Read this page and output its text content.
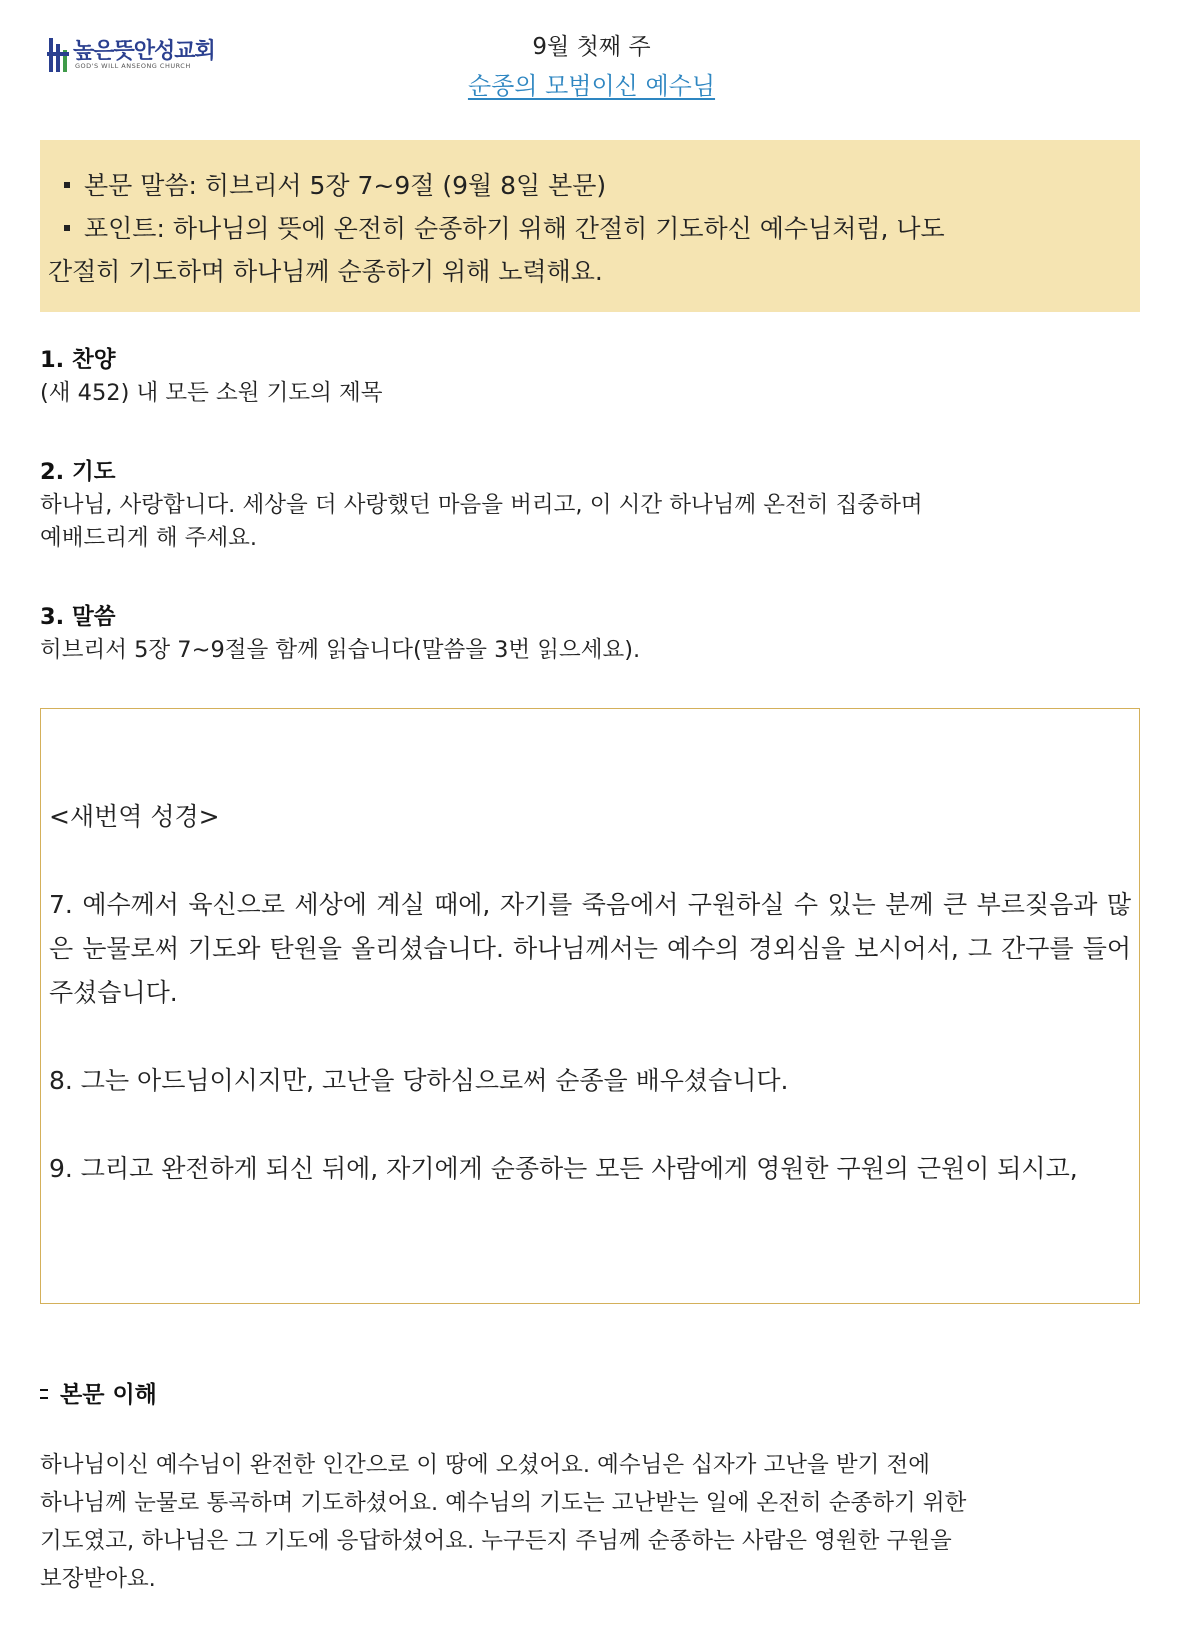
높은뜻안성교회
GOD'S WILL ANSEONG CHURCH
9월 첫째 주
순종의 모범이신 예수님
본문 말씀: 히브리서 5장 7~9절 (9월 8일 본문)
포인트: 하나님의 뜻에 온전히 순종하기 위해 간절히 기도하신 예수님처럼, 나도
간절히 기도하며 하나님께 순종하기 위해 노력해요.
1. 찬양
(새 452) 내 모든 소원 기도의 제목
2. 기도
하나님, 사랑합니다. 세상을 더 사랑했던 마음을 버리고, 이 시간 하나님께 온전히 집중하며
예배드리게 해 주세요.
3. 말씀
히브리서 5장 7~9절을 함께 읽습니다(말씀을 3번 읽으세요).

<새번역 성경>

7. 예수께서 육신으로 세상에 계실 때에, 자기를 죽음에서 구원하실 수 있는 분께 큰 부르짖음과 많은 눈물로써 기도와 탄원을 올리셨습니다. 하나님께서는 예수의 경외심을 보시어서, 그 간구를 들어주셨습니다.

8. 그는 아드님이시지만, 고난을 당하심으로써 순종을 배우셨습니다.

9. 그리고 완전하게 되신 뒤에, 자기에게 순종하는 모든 사람에게 영원한 구원의 근원이 되시고,

본문 이해

하나님이신 예수님이 완전한 인간으로 이 땅에 오셨어요. 예수님은 십자가 고난을 받기 전에

하나님께 눈물로 통곡하며 기도하셨어요. 예수님의 기도는 고난받는 일에 온전히 순종하기 위한

기도였고, 하나님은 그 기도에 응답하셨어요. 누구든지 주님께 순종하는 사람은 영원한 구원을

보장받아요.
